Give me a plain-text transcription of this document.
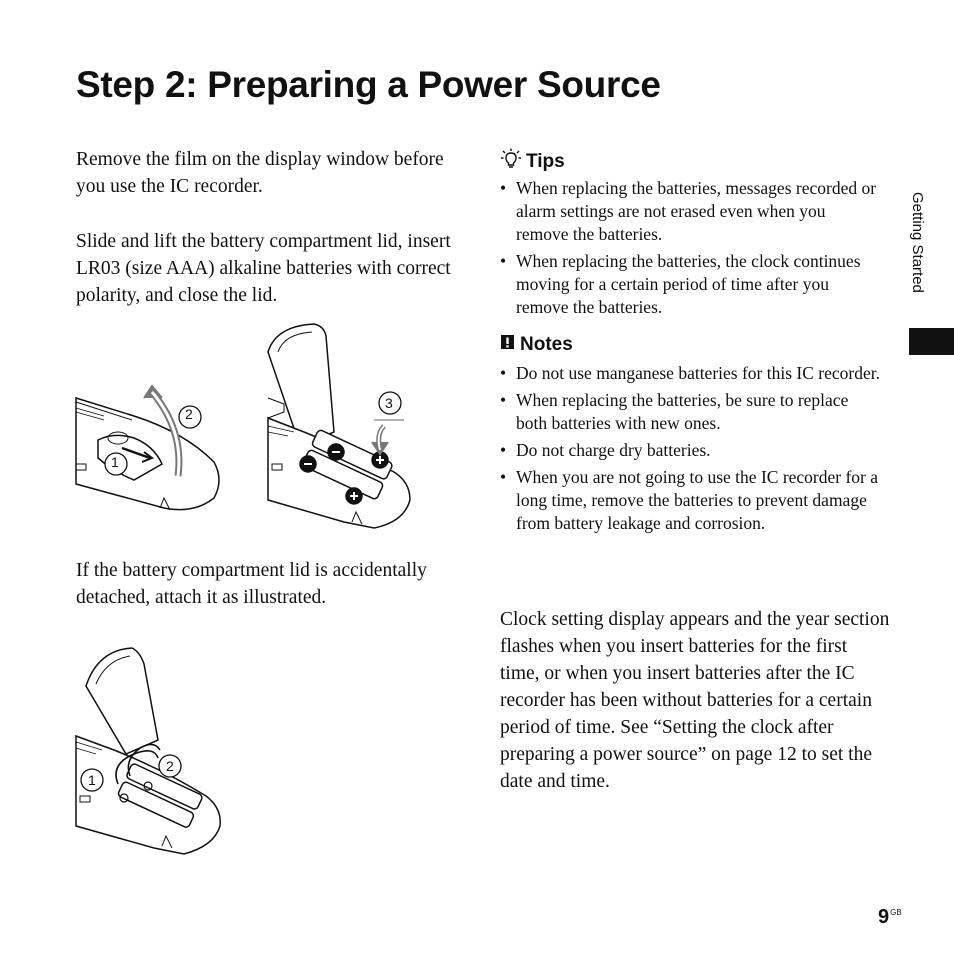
Step 2: Preparing a Power Source

Remove the film on the display window before you use the IC recorder.

Slide and lift the battery compartment lid, insert LR03 (size AAA) alkaline batteries with correct polarity, and close the lid.

2
1
3

If the battery compartment lid is accidentally detached, attach it as illustrated.

1
2
Tips
• When replacing the batteries, messages recorded or alarm settings are not erased even when you remove the batteries.
• When replacing the batteries, the clock continues moving for a certain period of time after you remove the batteries.
Notes
• Do not use manganese batteries for this IC recorder.
• When replacing the batteries, be sure to replace both batteries with new ones.
• Do not charge dry batteries.
• When you are not going to use the IC recorder for a long time, remove the batteries to prevent damage from battery leakage and corrosion.

Clock setting display appears and the year section flashes when you insert batteries for the first time, or when you insert batteries after the IC recorder has been without batteries for a certain period of time. See “Setting the clock after preparing a power source” on page 12 to set the date and time.

Getting Started
$9^{GB}$
